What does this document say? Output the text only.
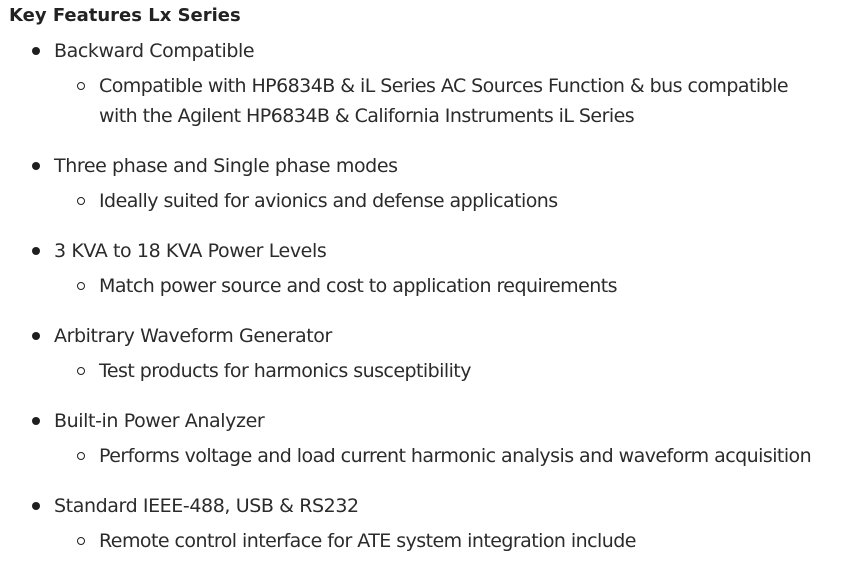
Key Features Lx Series
Backward Compatible
Compatible with HP6834B & iL Series AC Sources Function & bus compatible with the Agilent HP6834B & California Instruments iL Series
Three phase and Single phase modes
Ideally suited for avionics and defense applications
3 KVA to 18 KVA Power Levels
Match power source and cost to application requirements
Arbitrary Waveform Generator
Test products for harmonics susceptibility
Built-in Power Analyzer
Performs voltage and load current harmonic analysis and waveform acquisition
Standard IEEE-488, USB & RS232
Remote control interface for ATE system integration include
